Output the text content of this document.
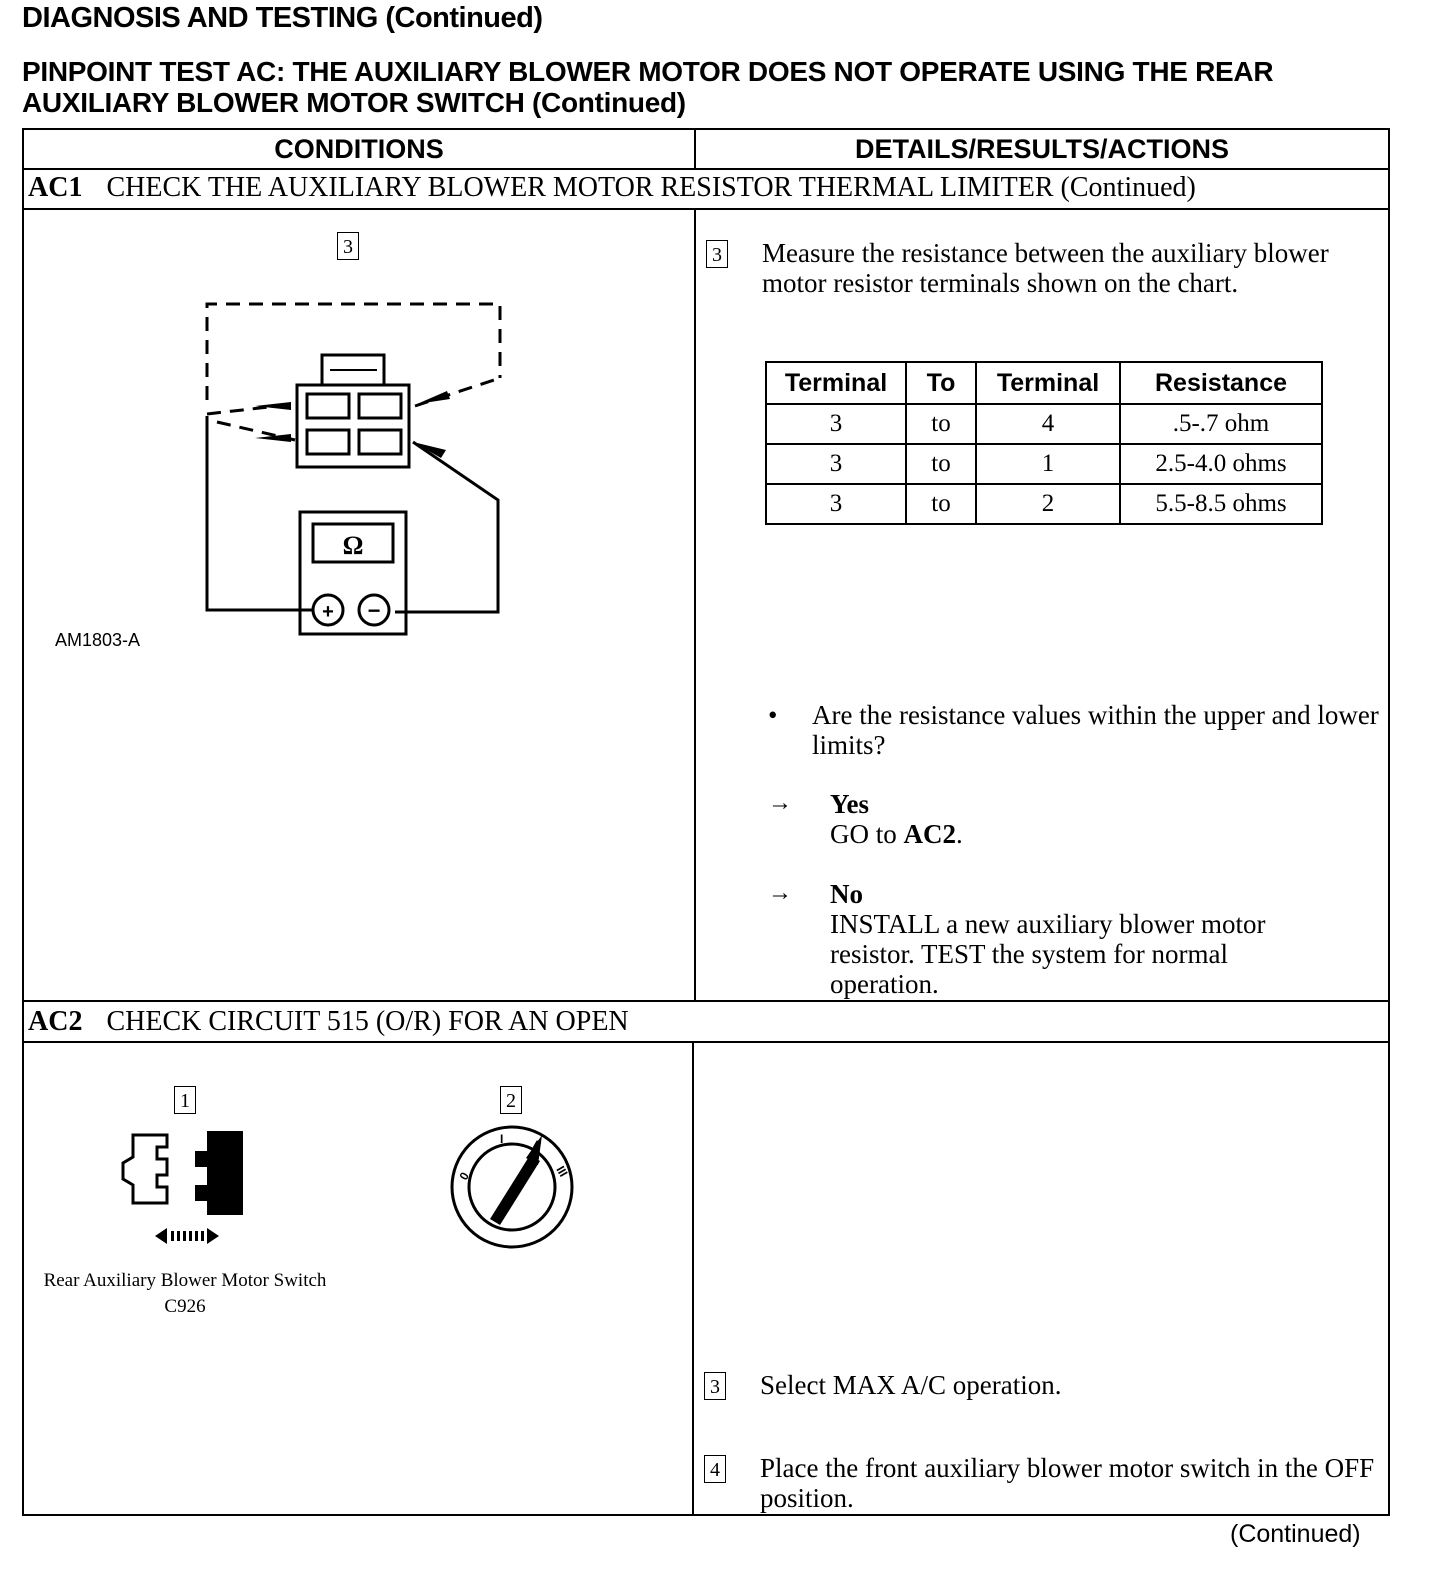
DIAGNOSIS AND TESTING (Continued)
PINPOINT TEST AC: THE AUXILIARY BLOWER MOTOR DOES NOT OPERATE USING THE REAR AUXILIARY BLOWER MOTOR SWITCH (Continued)
CONDITIONS	DETAILS/RESULTS/ACTIONS
AC1 CHECK THE AUXILIARY BLOWER MOTOR RESISTOR THERMAL LIMITER (Continued)
3
Ω
+ −
AM1803-A
3 Measure the resistance between the auxiliary blower motor resistor terminals shown on the chart.
Terminal	To	Terminal	Resistance
3	to	4	.5-.7 ohm
3	to	1	2.5-4.0 ohms
3	to	2	5.5-8.5 ohms
• Are the resistance values within the upper and lower limits?
→ Yes
GO to AC2.
→ No
INSTALL a new auxiliary blower motor resistor. TEST the system for normal operation.
AC2 CHECK CIRCUIT 515 (O/R) FOR AN OPEN
1
Rear Auxiliary Blower Motor Switch
C926
2
0
I II
III
3 Select MAX A/C operation.
4 Place the front auxiliary blower motor switch in the OFF position.
(Continued)
